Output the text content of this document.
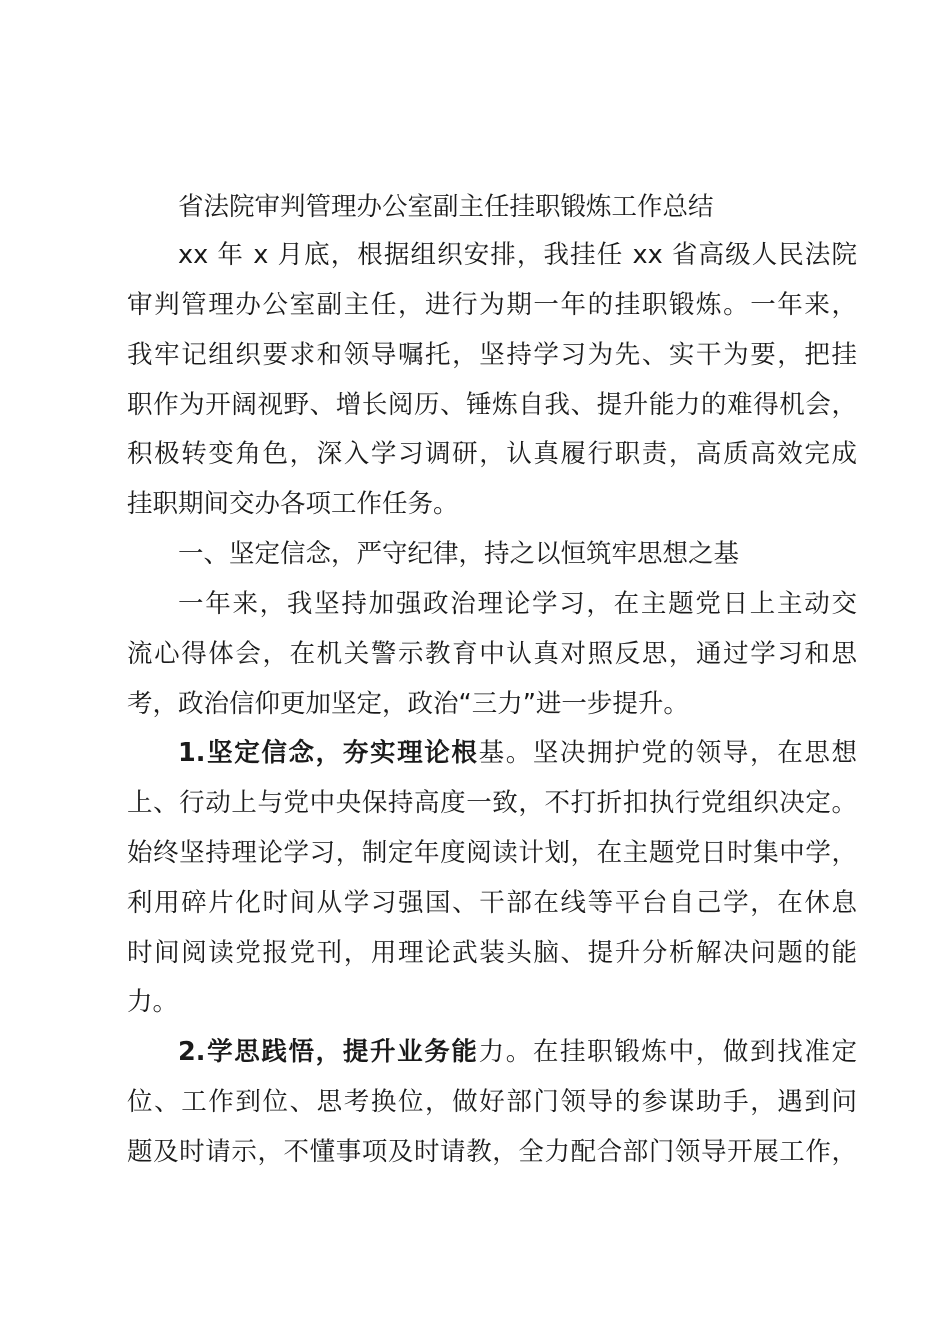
省法院审判管理办公室副主任挂职锻炼工作总结
xx 年 x 月底，根据组织安排，我挂任 xx 省高级人民法院
审判管理办公室副主任，进行为期一年的挂职锻炼。一年来，
我牢记组织要求和领导嘱托，坚持学习为先、实干为要，把挂
职作为开阔视野、增长阅历、锤炼自我、提升能力的难得机会，
积极转变角色，深入学习调研，认真履行职责，高质高效完成
挂职期间交办各项工作任务。
一、坚定信念，严守纪律，持之以恒筑牢思想之基
一年来，我坚持加强政治理论学习，在主题党日上主动交
流心得体会，在机关警示教育中认真对照反思，通过学习和思
考，政治信仰更加坚定，政治“三力”进一步提升。
1.坚定信念，夯实理论根基。坚决拥护党的领导，在思想
上、行动上与党中央保持高度一致，不打折扣执行党组织决定。
始终坚持理论学习，制定年度阅读计划，在主题党日时集中学，
利用碎片化时间从学习强国、干部在线等平台自己学，在休息
时间阅读党报党刊，用理论武装头脑、提升分析解决问题的能
力。
2.学思践悟，提升业务能力。在挂职锻炼中，做到找准定
位、工作到位、思考换位，做好部门领导的参谋助手，遇到问
题及时请示，不懂事项及时请教，全力配合部门领导开展工作，
